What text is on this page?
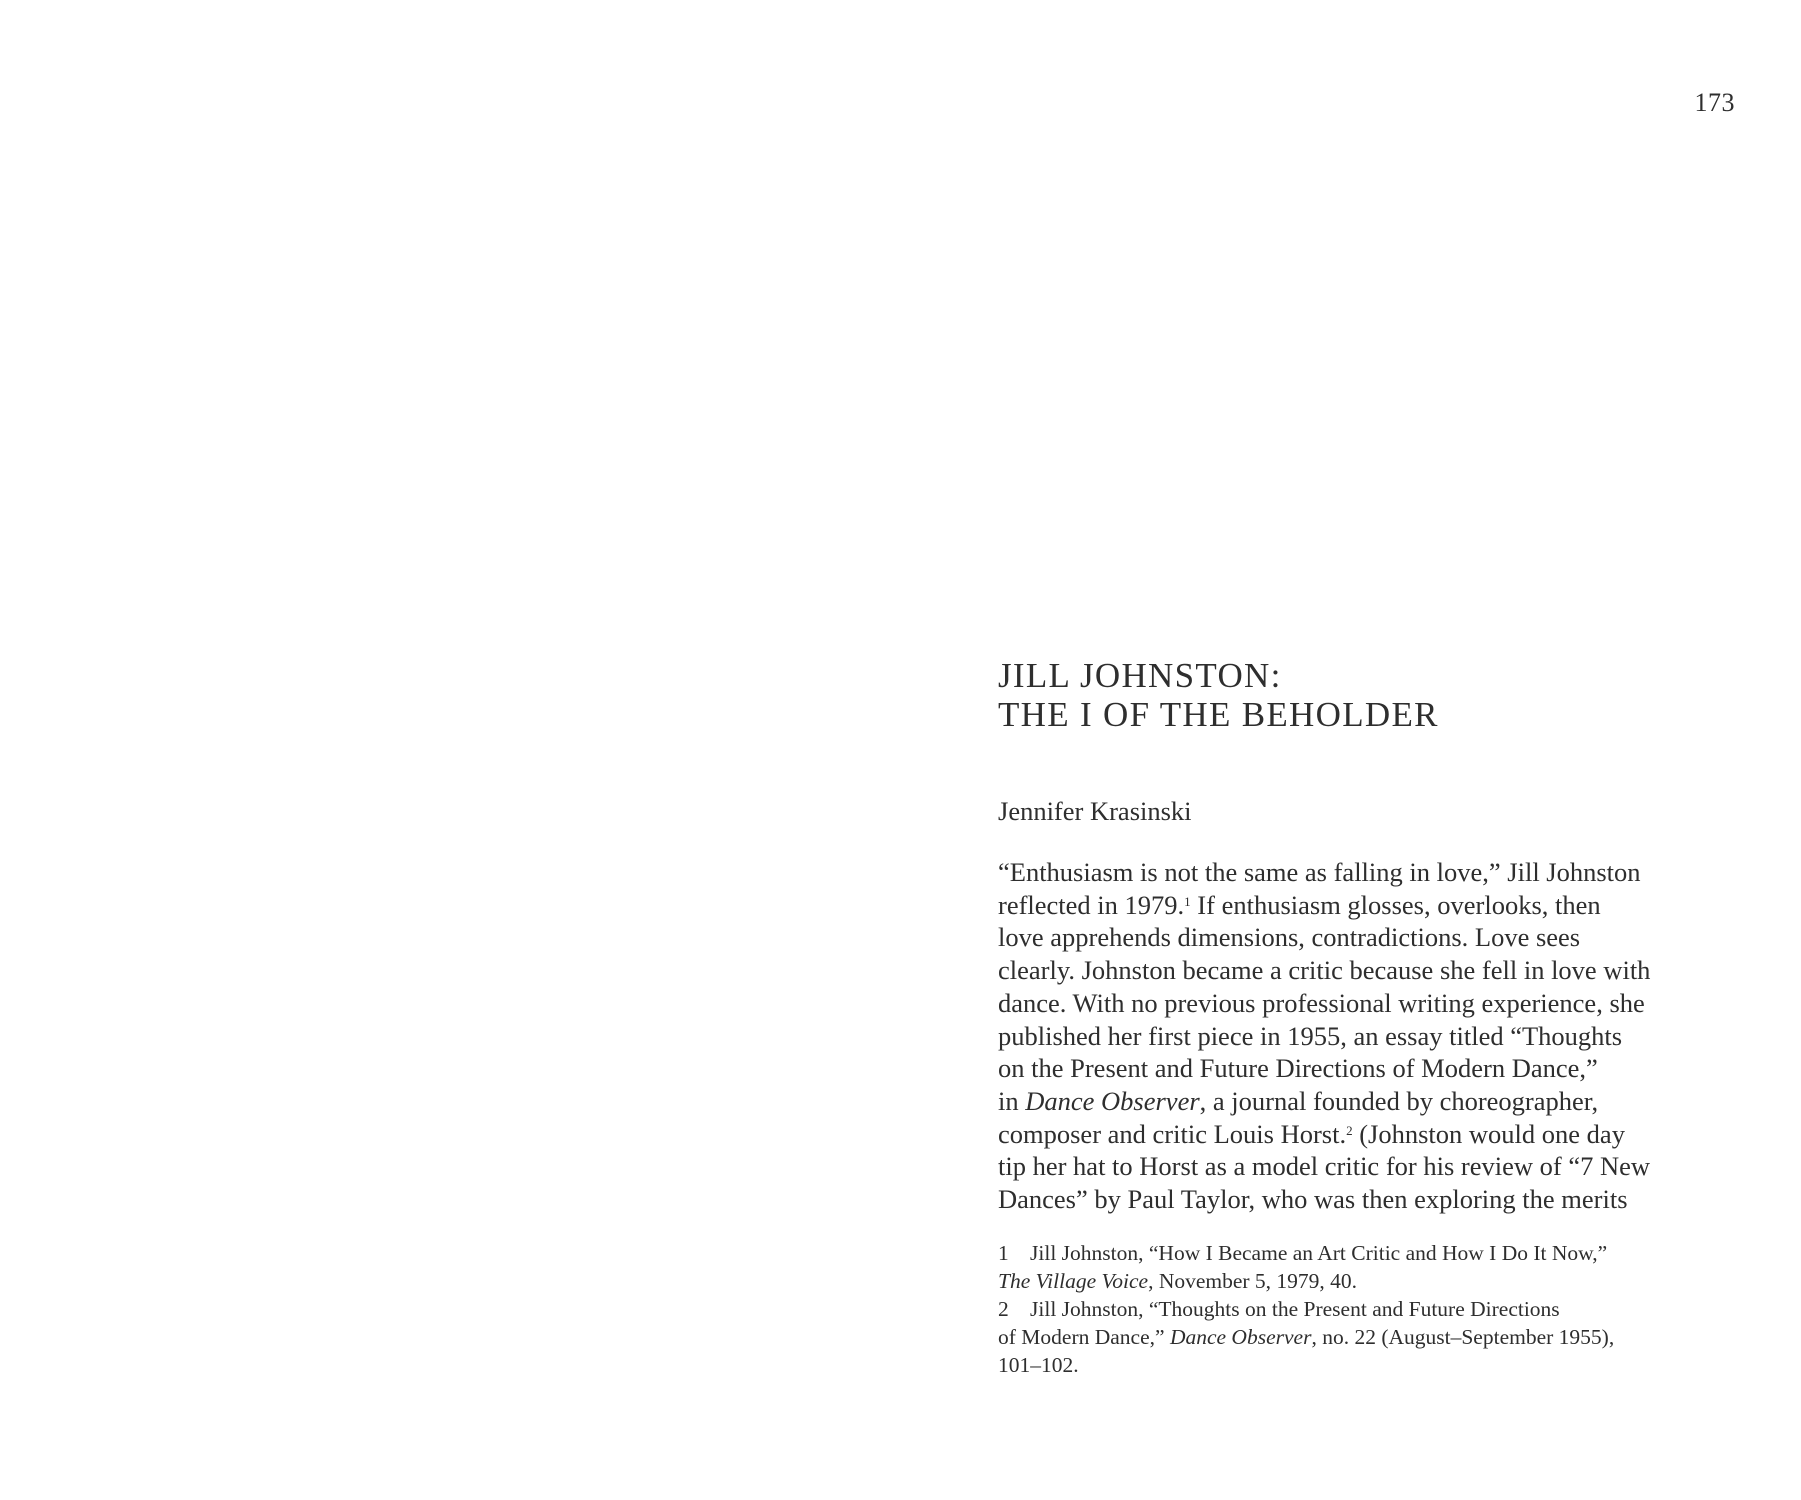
173
JILL JOHNSTON:
THE I OF THE BEHOLDER
Jennifer Krasinski
“Enthusiasm is not the same as falling in love,” Jill Johnston
reflected in 1979.$^1$ If enthusiasm glosses, overlooks, then
love apprehends dimensions, contradictions. Love sees
clearly. Johnston became a critic because she fell in love with
dance. With no previous professional writing experience, she
published her first piece in 1955, an essay titled “Thoughts
on the Present and Future Directions of Modern Dance,”
in Dance Observer, a journal founded by choreographer,
composer and critic Louis Horst.$^2$ (Johnston would one day
tip her hat to Horst as a model critic for his review of “7 New
Dances” by Paul Taylor, who was then exploring the merits
1 Jill Johnston, “How I Became an Art Critic and How I Do It Now,”
The Village Voice, November 5, 1979, 40.
2 Jill Johnston, “Thoughts on the Present and Future Directions
of Modern Dance,” Dance Observer, no. 22 (August–September 1955),
101–102.
